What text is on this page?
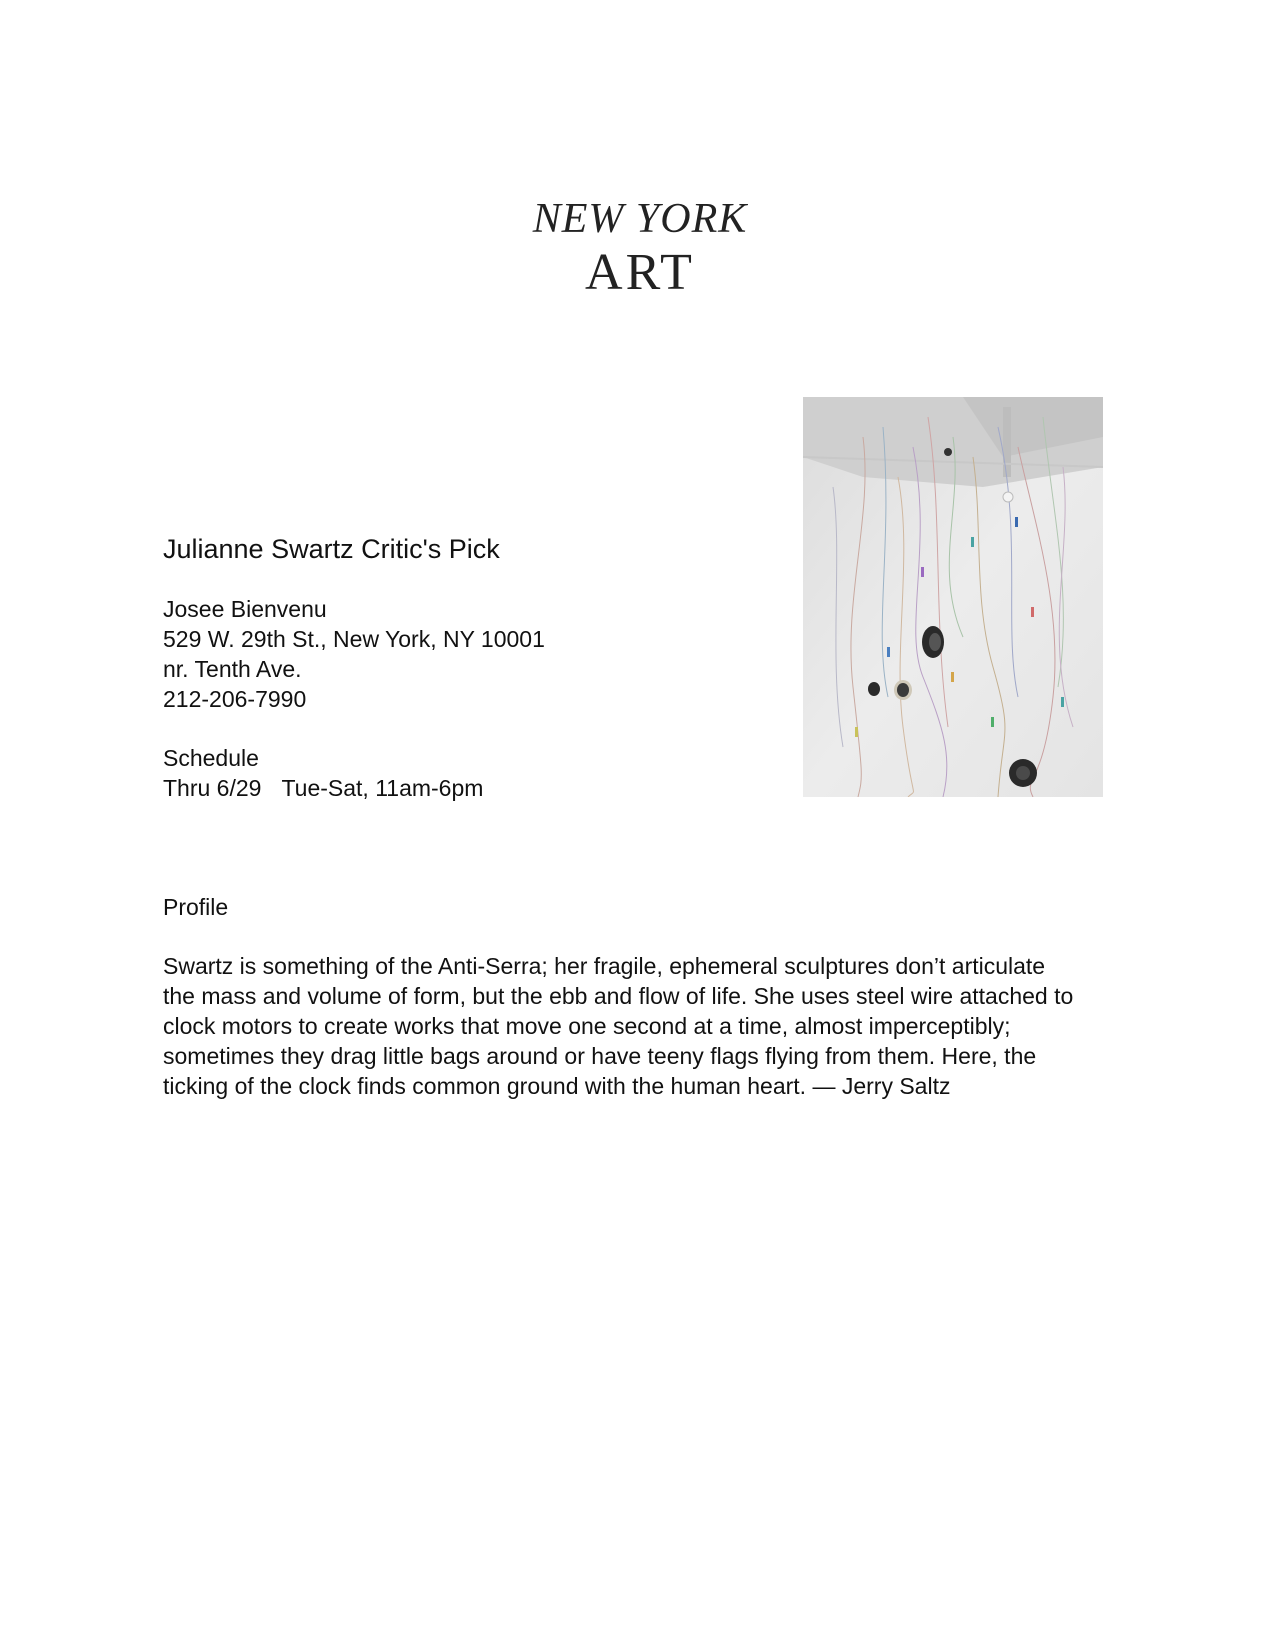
NEW YORK
ART
Julianne Swartz Critic's Pick
Josee Bienvenu
529 W. 29th St., New York, NY 10001
nr. Tenth Ave.
212-206-7990
Schedule
Thru 6/29 Tue-Sat, 11am-6pm
Profile
Swartz is something of the Anti-Serra; her fragile, ephemeral sculptures don’t articulate
the mass and volume of form, but the ebb and flow of life. She uses steel wire attached to
clock motors to create works that move one second at a time, almost imperceptibly;
sometimes they drag little bags around or have teeny flags flying from them. Here, the
ticking of the clock finds common ground with the human heart. — Jerry Saltz
